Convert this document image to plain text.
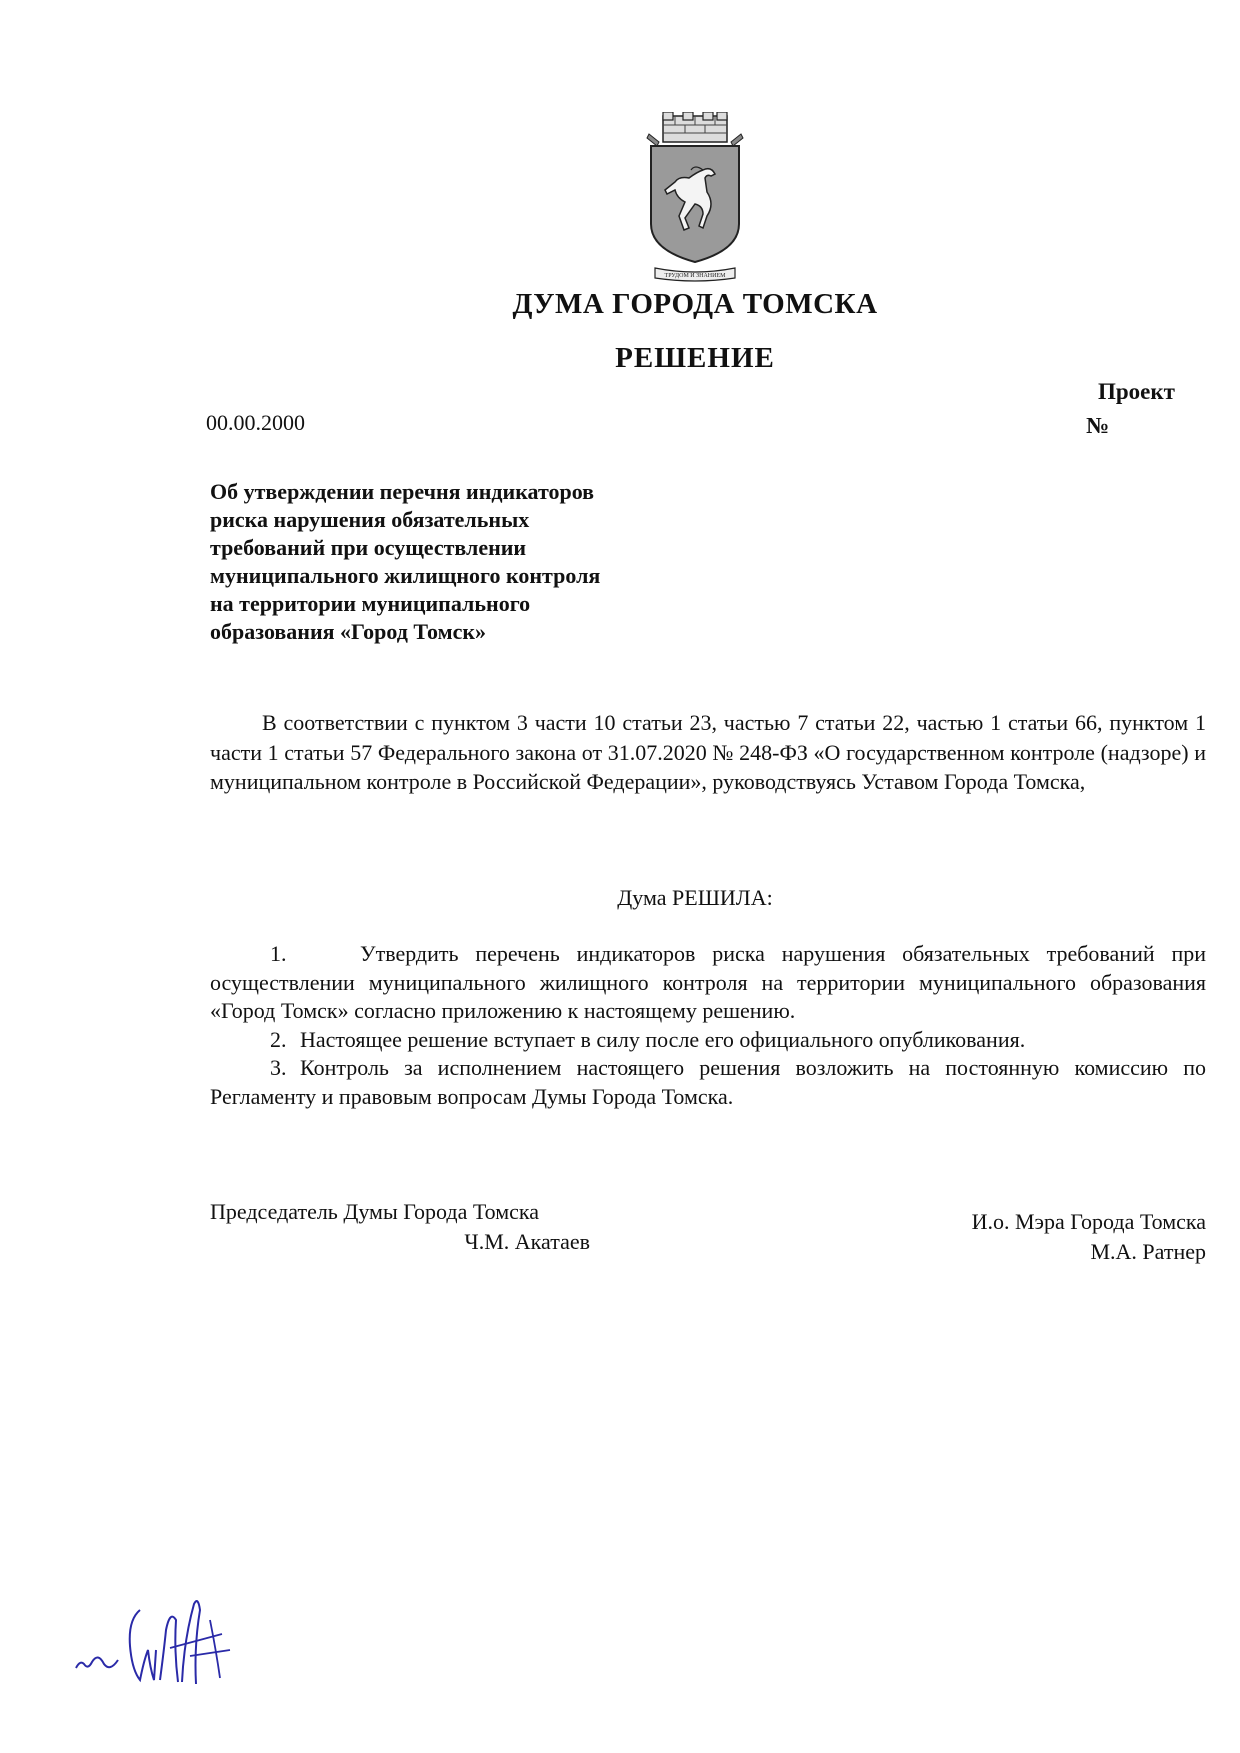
ТРУДОМ И ЗНАНИЕМ
ДУМА ГОРОДА ТОМСКА
РЕШЕНИЕ
Проект
№
00.00.2000
Об утверждении перечня индикаторов
риска нарушения обязательных
требований при осуществлении
муниципального жилищного контроля
на территории муниципального
образования «Город Томск»
В соответствии с пунктом 3 части 10 статьи 23, частью 7 статьи 22, частью 1 статьи 66, пунктом 1 части 1 статьи 57 Федерального закона от 31.07.2020 № 248-ФЗ «О государственном контроле (надзоре) и муниципальном контроле в Российской Федерации», руководствуясь Уставом Города Томска,
Дума РЕШИЛА:
1.	Утвердить перечень индикаторов риска нарушения обязательных требований при осуществлении муниципального жилищного контроля на территории муниципального образования «Город Томск» согласно приложению к настоящему решению.
2. Настоящее решение вступает в силу после его официального опубликования.
3. Контроль за исполнением настоящего решения возложить на постоянную комиссию по Регламенту и правовым вопросам Думы Города Томска.
Председатель Думы Города Томска
Ч.М. Акатаев
И.о. Мэра Города Томска
М.А. Ратнер
